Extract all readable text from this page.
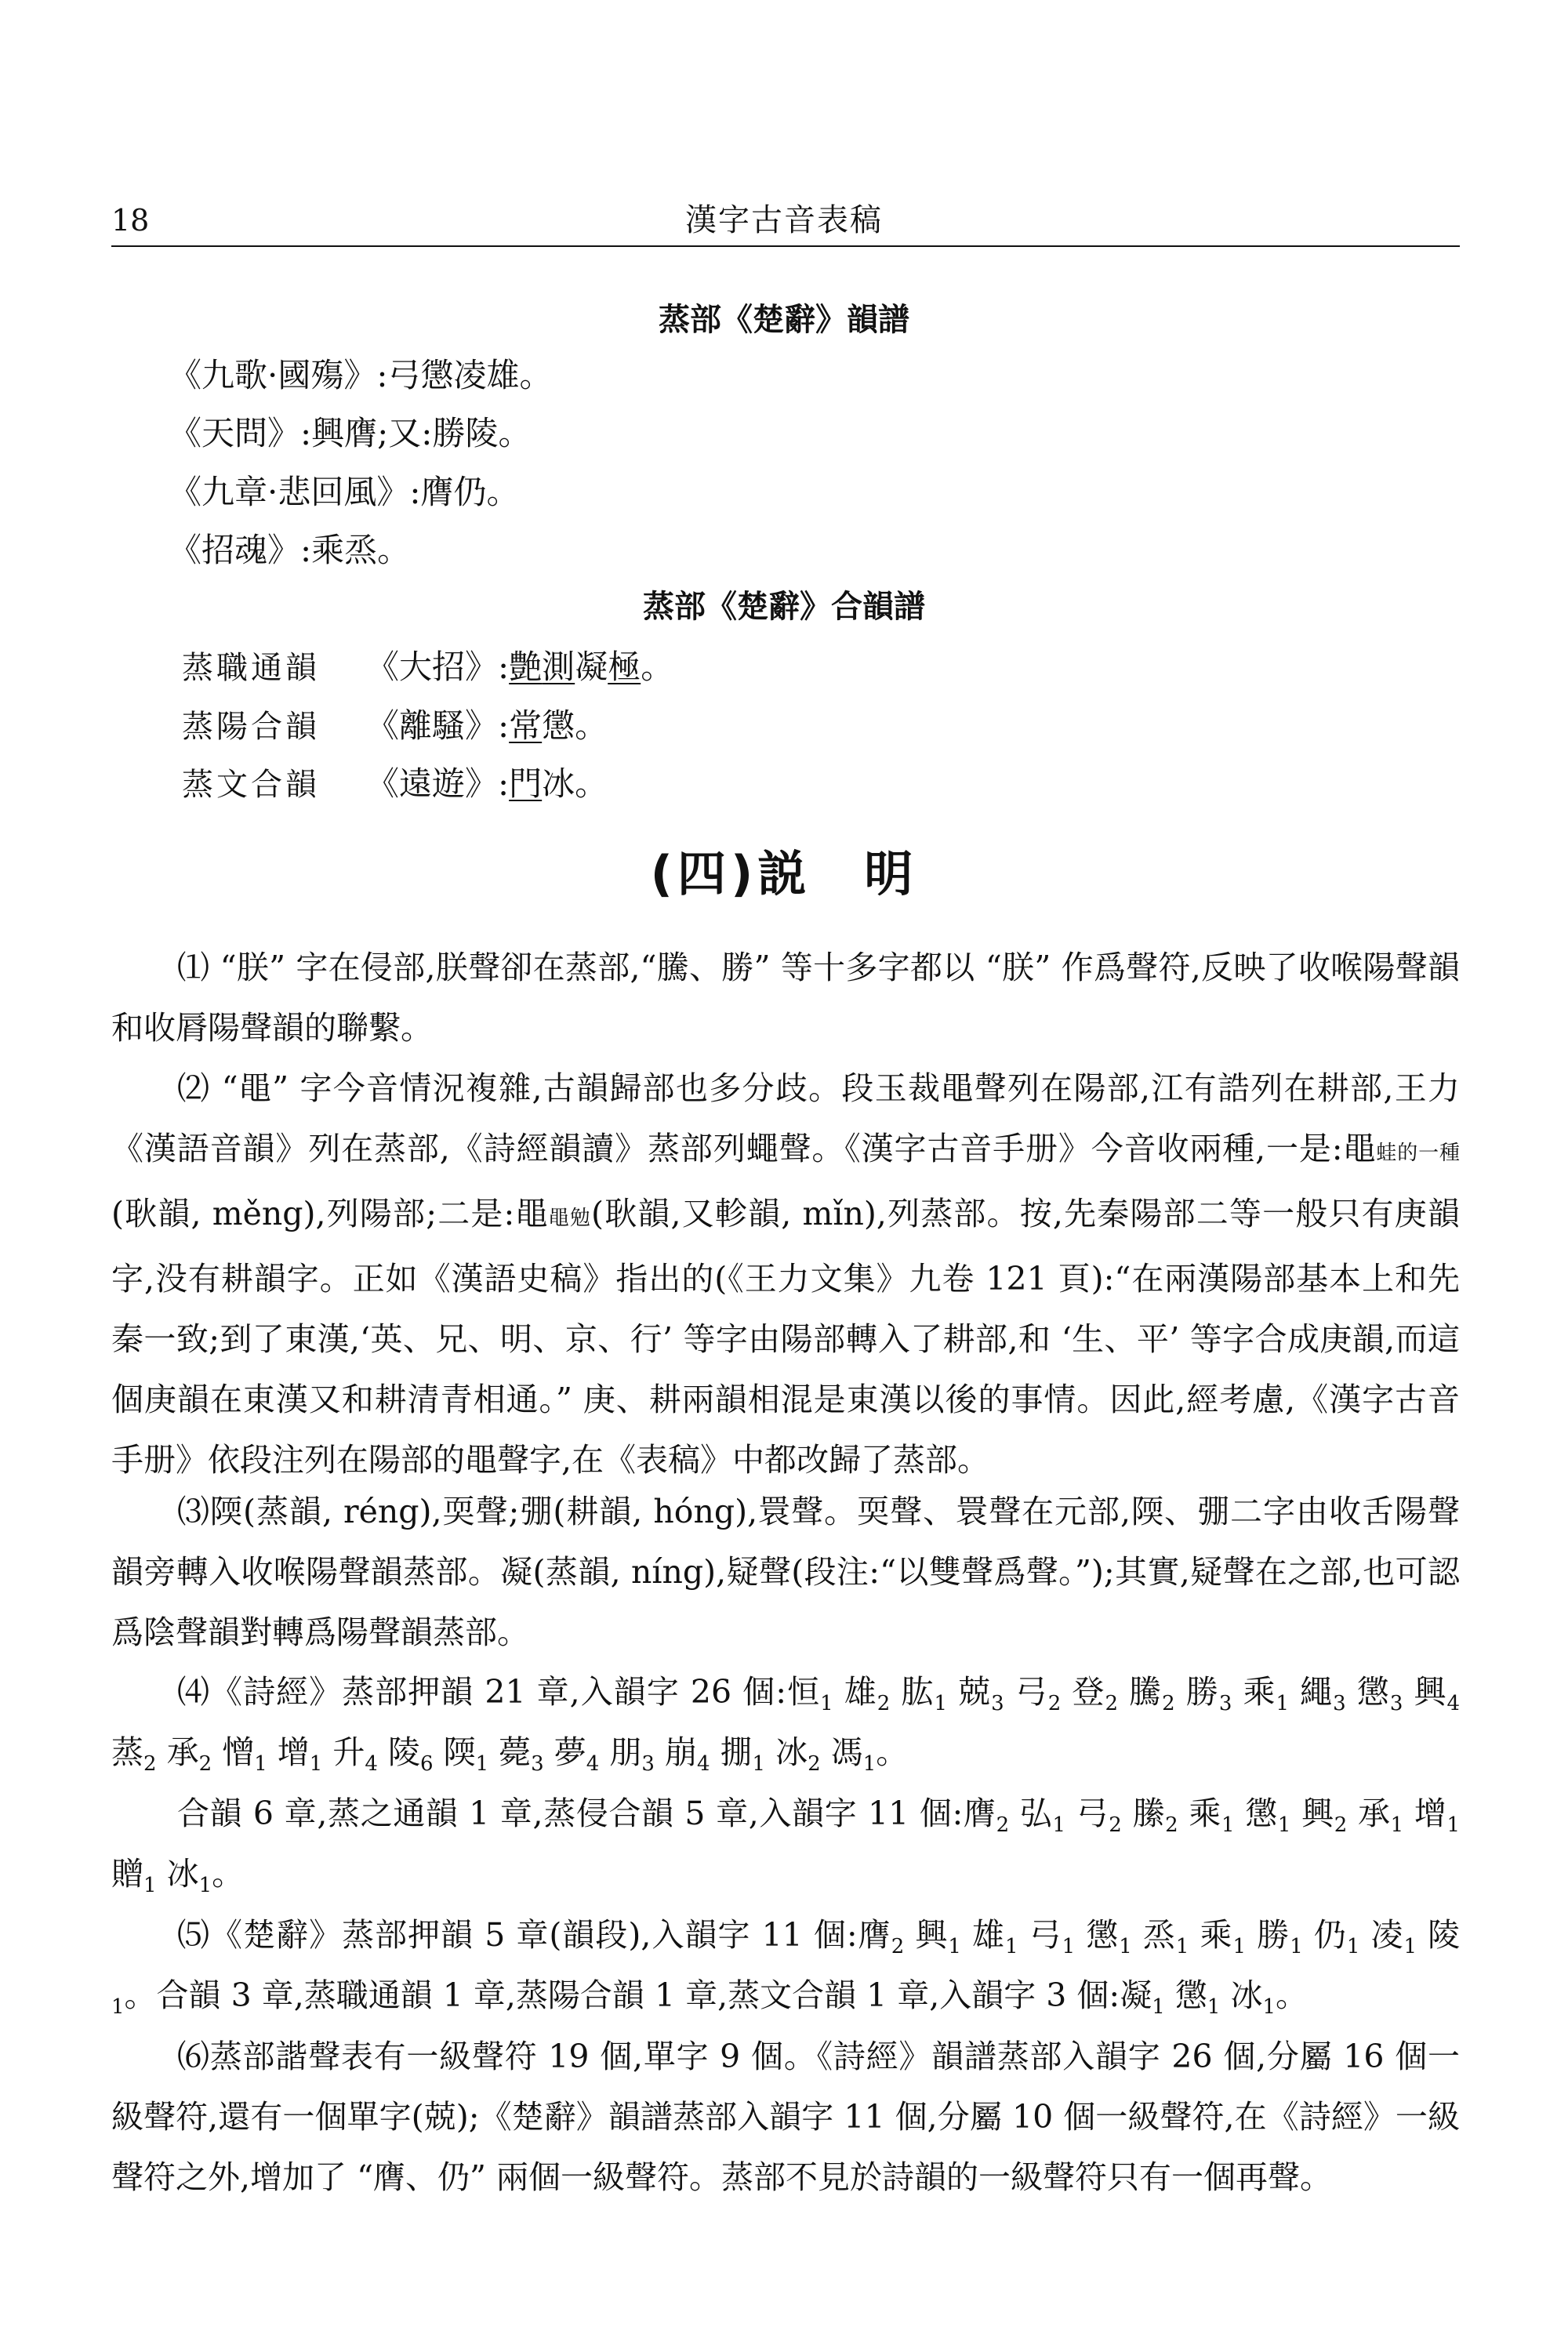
18	漢字古音表稿
蒸部《楚辭》韻譜
《九歌·國殤》:弓懲凌雄。
《天問》:興膺;又:勝陵。
《九章·悲回風》:膺仍。
《招魂》:乘烝。
蒸部《楚辭》合韻譜
蒸職通韻 《大招》:艶測凝極。
蒸陽合韻 《離騷》:常懲。
蒸文合韻 《遠遊》:門冰。
(四)説　明
⑴ “朕” 字在侵部,朕聲卻在蒸部,“騰、勝” 等十多字都以 “朕” 作爲聲符,反映了收喉陽聲韻和收脣陽聲韻的聯繫。
⑵ “黽” 字今音情況複雜,古韻歸部也多分歧。段玉裁黽聲列在陽部,江有誥列在耕部,王力《漢語音韻》列在蒸部,《詩經韻讀》蒸部列蠅聲。《漢字古音手册》今音收兩種,一是:黽蛙的一種(耿韻, měng),列陽部;二是:黽黽勉(耿韻,又軫韻, mǐn),列蒸部。按,先秦陽部二等一般只有庚韻字,没有耕韻字。正如《漢語史稿》指出的(《王力文集》九卷 121 頁):“在兩漢陽部基本上和先秦一致;到了東漢,‘英、兄、明、京、行’ 等字由陽部轉入了耕部,和 ‘生、平’ 等字合成庚韻,而這個庚韻在東漢又和耕清青相通。” 庚、耕兩韻相混是東漢以後的事情。因此,經考慮,《漢字古音手册》依段注列在陽部的黽聲字,在《表稿》中都改歸了蒸部。
⑶陾(蒸韻, réng),耎聲;弸(耕韻, hóng),睘聲。耎聲、睘聲在元部,陾、弸二字由收舌陽聲韻旁轉入收喉陽聲韻蒸部。凝(蒸韻, níng),疑聲(段注:“以雙聲爲聲。”);其實,疑聲在之部,也可認爲陰聲韻對轉爲陽聲韻蒸部。
⑷《詩經》蒸部押韻 21 章,入韻字 26 個:恒$_1$ 雄$_2$ 肱$_1$ 兢$_3$ 弓$_2$ 登$_2$ 騰$_2$ 勝$_3$ 乘$_1$ 繩$_3$ 懲$_3$ 興$_4$ 蒸$_2$ 承$_2$ 憎$_1$ 增$_1$ 升$_4$ 陵$_6$ 陾$_1$ 薨$_3$ 夢$_4$ 朋$_3$ 崩$_4$ 掤$_1$ 冰$_2$ 馮$_1$。
合韻 6 章,蒸之通韻 1 章,蒸侵合韻 5 章,入韻字 11 個:膺$_2$ 弘$_1$ 弓$_2$ 縢$_2$ 乘$_1$ 懲$_1$ 興$_2$ 承$_1$ 增$_1$ 贈$_1$ 冰$_1$。
⑸《楚辭》蒸部押韻 5 章(韻段),入韻字 11 個:膺$_2$ 興$_1$ 雄$_1$ 弓$_1$ 懲$_1$ 烝$_1$ 乘$_1$ 勝$_1$ 仍$_1$ 凌$_1$ 陵$_1$。合韻 3 章,蒸職通韻 1 章,蒸陽合韻 1 章,蒸文合韻 1 章,入韻字 3 個:凝$_1$ 懲$_1$ 冰$_1$。
⑹蒸部諧聲表有一級聲符 19 個,單字 9 個。《詩經》韻譜蒸部入韻字 26 個,分屬 16 個一級聲符,還有一個單字(兢);《楚辭》韻譜蒸部入韻字 11 個,分屬 10 個一級聲符,在《詩經》一級聲符之外,增加了 “膺、仍” 兩個一級聲符。蒸部不見於詩韻的一級聲符只有一個再聲。
